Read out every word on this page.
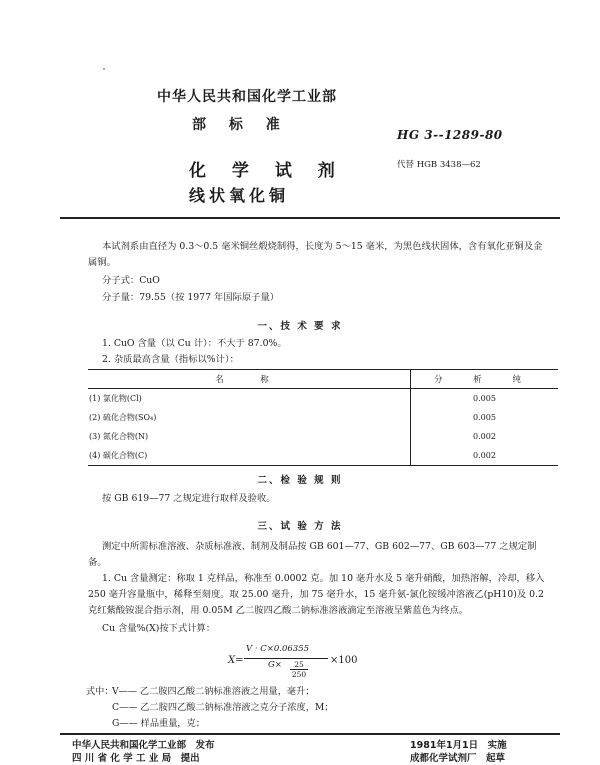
中华人民共和国化学工业部
部 标 准
HG 3--1289-80
化 学 试 剂
线状氧化铜
代替 HGB 3438—62
本试剂系由直径为 0.3～0.5 毫米铜丝煅烧制得，长度为 5～15 毫米，为黑色线状固体，含有氧化亚铜及金属铜。
分子式：CuO
分子量：79.55（按 1977 年国际原子量）
一、技 术 要 求
1. CuO 含量（以 Cu 计）：不大于 87.0%。
2. 杂质最高含量（指标以%计）：
名　称	分 析 纯
(1) 氯化物(Cl)	0.005
(2) 硫化合物(SO₄)	0.005
(3) 氮化合物(N)	0.002
(4) 碳化合物(C)	0.002
二、检 验 规 则
按 GB 619—77 之规定进行取样及验收。
三、试 验 方 法
测定中所需标准溶液、杂质标准液、制剂及制品按 GB 601—77、GB 602—77、GB 603—77 之规定制备。
1. Cu 含量测定：称取 1 克样品，称准至 0.0002 克。加 10 毫升水及 5 毫升硝酸，加热溶解，冷却，移入 250 毫升容量瓶中，稀释至刻度。取 25.00 毫升，加 75 毫升水，15 毫升氨-氯化铵缓冲溶液乙(pH10)及 0.2 克红紫酸铵混合指示剂，用 0.05M 乙二胺四乙酸二钠标准溶液滴定至溶液呈紫蓝色为终点。
Cu 含量%(X)按下式计算：
X=
V · C×0.06355
G×	25
250
×100
式中：
V—— 乙二胺四乙酸二钠标准溶液之用量，毫升；
C—— 乙二胺四乙酸二钠标准溶液之克分子浓度，M；
G—— 样品重量，克；
中华人民共和国化学工业部　发布
四 川 省 化 学 工 业 局　提出
1981年1月1日　实施
成都化学试剂厂　起草
